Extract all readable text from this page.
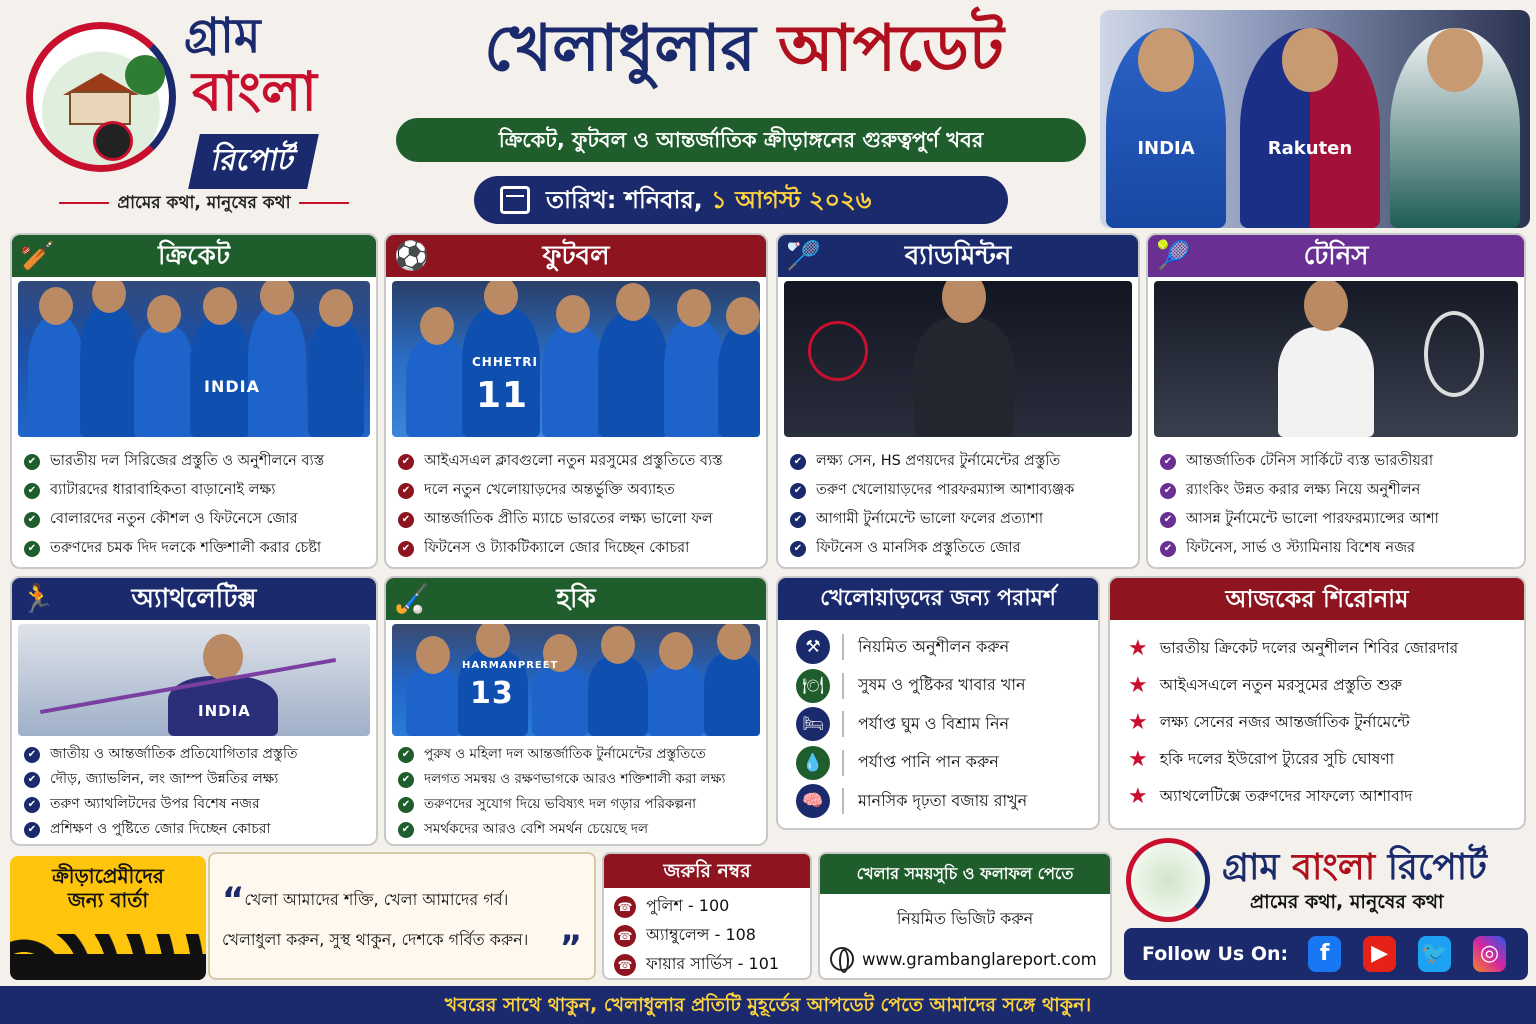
গ্রাম
বাংলা
রিপোর্ট
প্রামের কথা, মানুষের কথা
খেলাধুলার আপডেট
ক্রিকেট, ফুটবল ও আন্তর্জাতিক ক্রীড়াঙ্গনের গুরুত্বপুর্ণ খবর
তারিখ: শনিবার, ১ আগস্ট ২০২৬
INDIA	Rakuten
🏏	ক্রিকেট
INDIA
✔ ভারতীয় দল সিরিজের প্রস্তুতি ও অনুশীলনে ব্যস্ত
✔ ব্যাটারদের ধারাবাহিকতা বাড়ানোই লক্ষ্য
✔ বোলারদের নতুন কৌশল ও ফিটনেসে জোর
✔ তরুণদের চমক দিদ দলকে শক্তিশালী করার চেষ্টা
⚽	ফুটবল
CHHETRI
11
✔ আইএসএল ক্লাবগুলো নতুন মরসুমের প্রস্তুতিতে ব্যস্ত
✔ দলে নতুন খেলোয়াড়দের অন্তর্ভুক্তি অব্যাহত
✔ আন্তর্জাতিক প্রীতি ম্যাচে ভারতের লক্ষ্য ভালো ফল
✔ ফিটনেস ও ট্যাকটিক্যালে জোর দিচ্ছেন কোচরা
🏸	ব্যাডমিন্টন
✔ লক্ষ্য সেন, HS প্রণয়দের টুর্নামেন্টের প্রস্তুতি
✔ তরুণ খেলোয়াড়দের পারফরম্যান্স আশাব্যঞ্জক
✔ আগামী টুর্নামেন্টে ভালো ফলের প্রত্যাশা
✔ ফিটনেস ও মানসিক প্রস্তুতিতে জোর
🎾	টেনিস
✔ আন্তর্জাতিক টেনিস সার্কিটে ব্যস্ত ভারতীয়রা
✔ র‍্যাংকিং উন্নত করার লক্ষ্য নিয়ে অনুশীলন
✔ আসন্ন টুর্নামেন্টে ভালো পারফরম্যান্সের আশা
✔ ফিটনেস, সার্ভ ও স্ট্যামিনায় বিশেষ নজর
🏃	অ্যাথলেটিক্স
INDIA
✔ জাতীয় ও আন্তর্জাতিক প্রতিযোগিতার প্রস্তুতি
✔ দৌড়, জ্যাভলিন, লং জাম্প উন্নতির লক্ষ্য
✔ তরুণ অ্যাথলিটদের উপর বিশেষ নজর
✔ প্রশিক্ষণ ও পুষ্টিতে জোর দিচ্ছেন কোচরা
🏑	হকি
HARMANPREET
13
✔ পুরুষ ও মহিলা দল আন্তর্জাতিক টুর্নামেন্টের প্রস্তুতিতে
✔ দলগত সমন্বয় ও রক্ষণভাগকে আরও শক্তিশালী করা লক্ষ্য
✔ তরুণদের সুযোগ দিয়ে ভবিষ্যৎ দল গড়ার পরিকল্পনা
✔ সমর্থকদের আরও বেশি সমর্থন চেয়েছে দল
খেলোয়াড়দের জন্য পরামর্শ
⚒	নিয়মিত অনুশীলন করুন
🍽	সুষম ও পুষ্টিকর খাবার খান
🛏	পর্যাপ্ত ঘুম ও বিশ্রাম নিন
💧	পর্যাপ্ত পানি পান করুন
🧠	মানসিক দৃঢ়তা বজায় রাখুন
আজকের শিরোনাম
★ ভারতীয় ক্রিকেট দলের অনুশীলন শিবির জোরদার
★ আইএসএলে নতুন মরসুমের প্রস্তুতি শুরু
★ লক্ষ্য সেনের নজর আন্তর্জাতিক টুর্নামেন্টে
★ হকি দলের ইউরোপ ট্যুরের সুচি ঘোষণা
★ অ্যাথলেটিক্সে তরুণদের সাফল্যে আশাবাদ
ক্রীড়াপ্রেমীদের
জন্য বার্তা	“খেলা আমাদের শক্তি, খেলা আমাদের গর্ব।
খেলাধুলা করুন, সুস্থ থাকুন, দেশকে গর্বিত করুন। ”
জরুরি নম্বর
☎ পুলিশ - 100
☎ অ্যাম্বুলেন্স - 108
☎ ফায়ার সার্ভিস - 101
খেলার সময়সুচি ও ফলাফল পেতে
নিয়মিত ভিজিট করুন
www.grambanglareport.com
গ্রাম বাংলা রিপোর্ট
প্রামের কথা, মানুষের কথা
Follow Us On:	f	▶	🐦	◎
খবরের সাথে থাকুন, খেলাধুলার প্রতিটি মুহূর্তের আপডেট পেতে আমাদের সঙ্গে থাকুন।
